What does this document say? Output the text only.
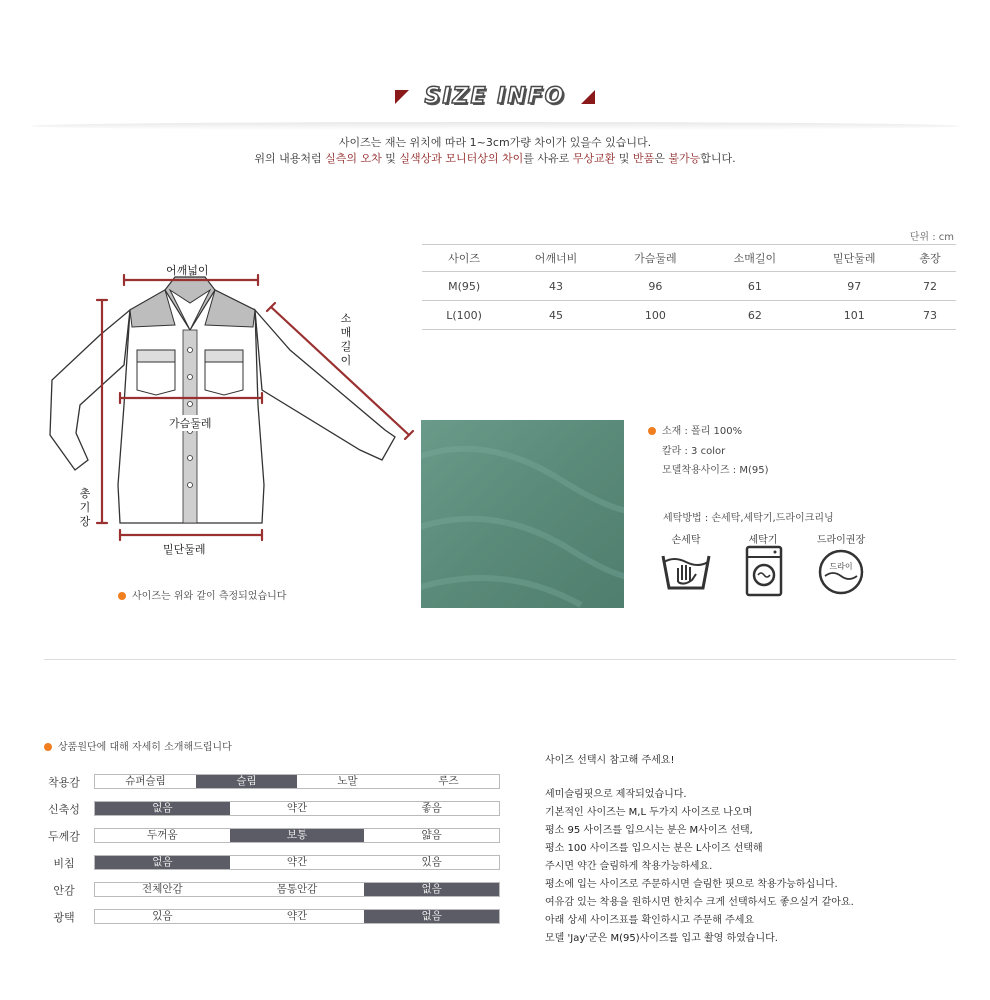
SIZE INFO
사이즈는 재는 위치에 따라 1~3cm가량 차이가 있을수 있습니다.
위의 내용처럼 실측의 오차 및 실색상과 모니터상의 차이를 사유로 무상교환 및 반품은 불가능합니다.
어깨넓이
소
매
길
이
가슴둘레
총
기
장
밑단둘레
사이즈는 위와 같이 측정되었습니다
단위 : cm
사이즈	어깨너비	가슴둘레	소매길이	밑단둘레	총장
M(95)	43	96	61	97	72
L(100)	45	100	62	101	73
소재 : 폴리 100%
칼라 : 3 color
모델착용사이즈 : M(95)
세탁방법 : 손세탁,세탁기,드라이크리닝
손세탁	세탁기	드라이권장
드라이
상품원단에 대해 자세히 소개해드립니다
착용감	슈퍼슬림	슬림	노말	루즈
신축성	없음	약간	좋음
두께감	두꺼움	보통	얇음
비침	없음	약간	있음
안감	전체안감	몸통안감	없음
광택	있음	약간	없음
사이즈 선택시 참고해 주세요!
세미슬림핏으로 제작되었습니다.
기본적인 사이즈는 M,L 두가지 사이즈로 나오며
평소 95 사이즈를 입으시는 분은 M사이즈 선택,
평소 100 사이즈를 입으시는 분은 L사이즈 선택해
주시면 약간 슬림하게 착용가능하세요.
평소에 입는 사이즈로 주문하시면 슬림한 핏으로 착용가능하십니다.
여유감 있는 착용을 원하시면 한치수 크게 선택하셔도 좋으실거 같아요.
아래 상세 사이즈표를 확인하시고 주문해 주세요
모델 'Jay'군은 M(95)사이즈를 입고 촬영 하였습니다.
